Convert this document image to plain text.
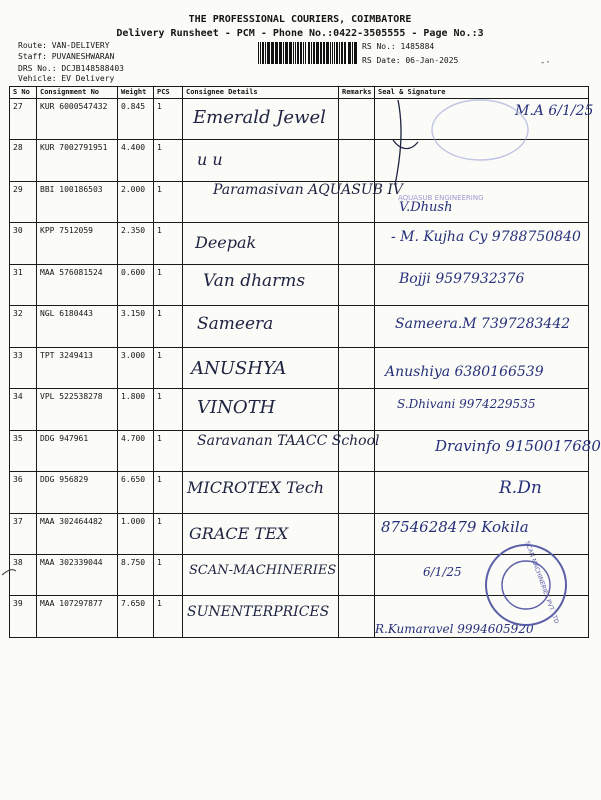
THE PROFESSIONAL COURIERS, COIMBATORE
Delivery Runsheet - PCM - Phone No.:0422-3505555 - Page No.:3
Route: VAN-DELIVERY
Staff: PUVANESHWARAN
DRS No.: DCJB148588403
Vehicle: EV Delivery
RS No.: 1485884
RS Date: 06-Jan-2025	-·
S No	Consignment No	Weight	PCS	Consignee Details	Remarks	Seal & Signature
27	KUR 6000547432	0.845	1	Emerald Jewel		M.A 6/1/25

28	KUR 7002791951	4.400	1	u u		

29	BBI 100186503	2.000	1	Paramasivan AQUASUB IV		V.Dhush

30	KPP 7512059	2.350	1	Deepak		- M. Kujha Cy 9788750840

31	MAA 576081524	0.600	1	Van dharms		Bojji 9597932376

32	NGL 6180443	3.150	1	Sameera		Sameera.M 7397283442

33	TPT 3249413	3.000	1	ANUSHYA		Anushiya 6380166539

34	VPL 522538278	1.800	1	VINOTH		S.Dhivani 9974229535

35	DDG 947961	4.700	1	Saravanan TAACC School		Dravinfo 9150017680

36	DDG 956829	6.650	1	MICROTEX Tech		R.Dn

37	MAA 302464482	1.000	1	GRACE TEX		8754628479 Kokila

38	MAA 302339044	8.750	1	SCAN-MACHINERIES		6/1/25

39	MAA 107297877	7.650	1	SUNENTERPRICES		R.Kumaravel 9994605920
SCAN MACHINERIES PVT. LTD
AQUASUB ENGINEERING
